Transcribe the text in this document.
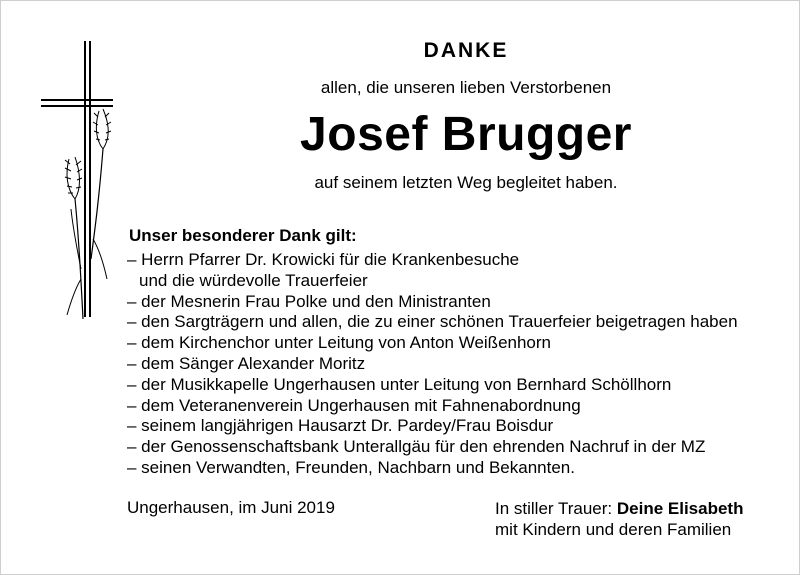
DANKE
allen, die unseren lieben Verstorbenen
Josef Brugger
auf seinem letzten Weg begleitet haben.
Unser besonderer Dank gilt:
– Herrn Pfarrer Dr. Krowicki für die Krankenbesuche
und die würdevolle Trauerfeier
– der Mesnerin Frau Polke und den Ministranten
– den Sargträgern und allen, die zu einer schönen Trauerfeier beigetragen haben
– dem Kirchenchor unter Leitung von Anton Weißenhorn
– dem Sänger Alexander Moritz
– der Musikkapelle Ungerhausen unter Leitung von Bernhard Schöllhorn
– dem Veteranenverein Ungerhausen mit Fahnenabordnung
– seinem langjährigen Hausarzt Dr. Pardey/Frau Boisdur
– der Genossenschaftsbank Unterallgäu für den ehrenden Nachruf in der MZ
– seinen Verwandten, Freunden, Nachbarn und Bekannten.
Ungerhausen, im Juni 2019	In stiller Trauer: Deine Elisabeth
mit Kindern und deren Familien
